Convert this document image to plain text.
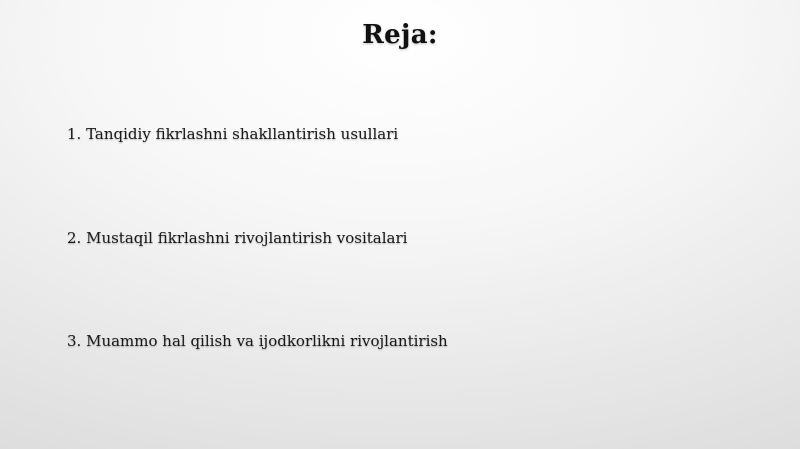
Reja:
1. Tanqidiy fikrlashni shakllantirish usullari
2. Mustaqil fikrlashni rivojlantirish vositalari
3. Muammo hal qilish va ijodkorlikni rivojlantirish
